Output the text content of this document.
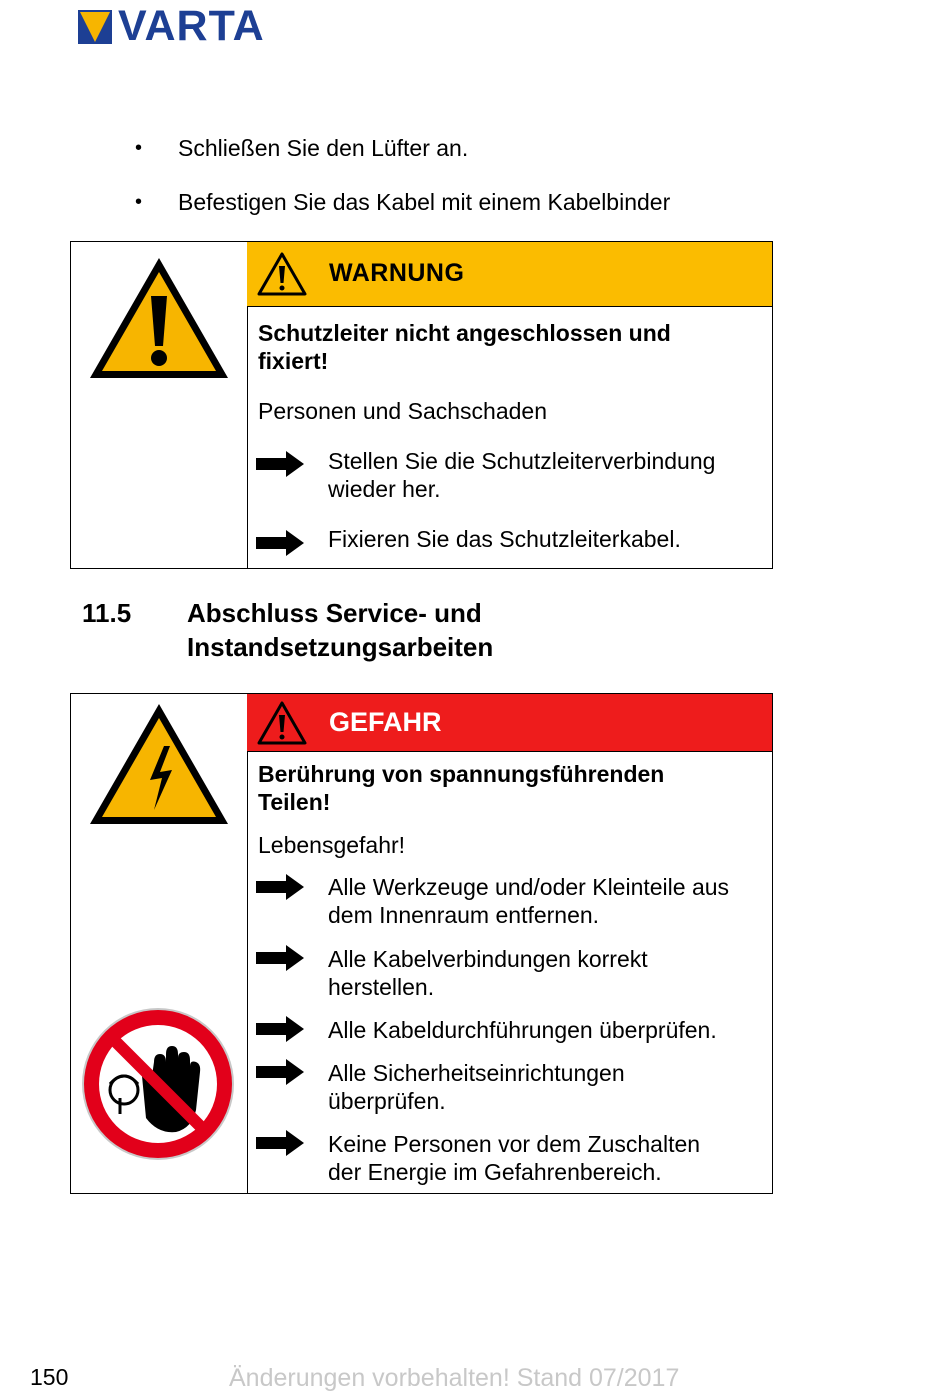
VARTA
• Schließen Sie den Lüfter an.
• Befestigen Sie das Kabel mit einem Kabelbinder
WARNUNG
Schutzleiter nicht angeschlossen und
fixiert!
Personen und Sachschaden
Stellen Sie die Schutzleiterverbindung
wieder her.
Fixieren Sie das Schutzleiterkabel.
11.5 Abschluss Service- und
Instandsetzungsarbeiten
GEFAHR
Berührung von spannungsführenden
Teilen!
Lebensgefahr!
Alle Werkzeuge und/oder Kleinteile aus
dem Innenraum entfernen.
Alle Kabelverbindungen korrekt
herstellen.
Alle Kabeldurchführungen überprüfen.
Alle Sicherheitseinrichtungen
überprüfen.
Keine Personen vor dem Zuschalten
der Energie im Gefahrenbereich.
150	Änderungen vorbehalten! Stand 07/2017
